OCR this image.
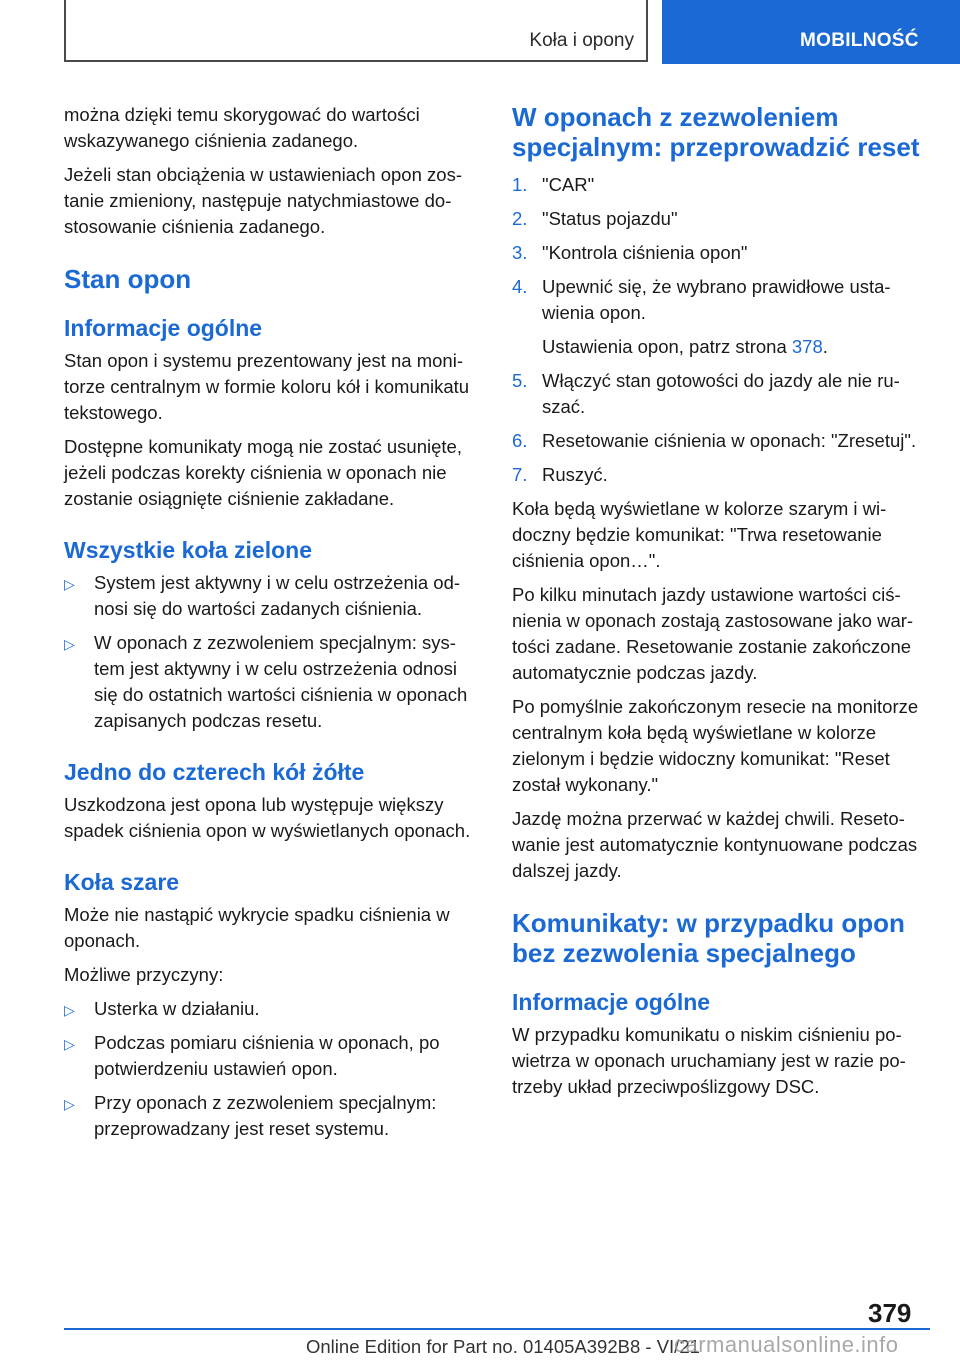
Koła i opony	MOBILNOŚĆ

można dzięki temu skorygować do wartości wskazywanego ciśnienia zadanego.

Jeżeli stan obciążenia w ustawieniach opon zostanie zmieniony, następuje natychmiastowe dostosowanie ciśnienia zadanego.

Stan opon
Informacje ogólne

Stan opon i systemu prezentowany jest na monitorze centralnym w formie koloru kół i komunikatu tekstowego.

Dostępne komunikaty mogą nie zostać usunięte, jeżeli podczas korekty ciśnienia w oponach nie zostanie osiągnięte ciśnienie zakładane.

Wszystkie koła zielone
▷ System jest aktywny i w celu ostrzeżenia odnosi się do wartości zadanych ciśnienia.
▷ W oponach z zezwoleniem specjalnym: system jest aktywny i w celu ostrzeżenia odnosi się do ostatnich wartości ciśnienia w oponach zapisanych podczas resetu.
Jedno do czterech kół żółte

Uszkodzona jest opona lub występuje większy spadek ciśnienia opon w wyświetlanych oponach.

Koła szare

Może nie nastąpić wykrycie spadku ciśnienia w oponach.

Możliwe przyczyny:

▷ Usterka w działaniu.
▷ Podczas pomiaru ciśnienia w oponach, po potwierdzeniu ustawień opon.
▷ Przy oponach z zezwoleniem specjalnym: przeprowadzany jest reset systemu.
W oponach z zezwoleniem specjalnym: przeprowadzić reset
1. "CAR"
2. "Status pojazdu"
3. "Kontrola ciśnienia opon"
4. Upewnić się, że wybrano prawidłowe ustawienia opon.
Ustawienia opon, patrz strona 378.
5. Włączyć stan gotowości do jazdy ale nie ruszać.
6. Resetowanie ciśnienia w oponach: "Zresetuj".
7. Ruszyć.

Koła będą wyświetlane w kolorze szarym i widoczny będzie komunikat: "Trwa resetowanie ciśnienia opon…".

Po kilku minutach jazdy ustawione wartości ciśnienia w oponach zostają zastosowane jako wartości zadane. Resetowanie zostanie zakończone automatycznie podczas jazdy.

Po pomyślnie zakończonym resecie na monitorze centralnym koła będą wyświetlane w kolorze zielonym i będzie widoczny komunikat: "Reset został wykonany."

Jazdę można przerwać w każdej chwili. Resetowanie jest automatycznie kontynuowane podczas dalszej jazdy.

Komunikaty: w przypadku opon bez zezwolenia specjalnego
Informacje ogólne

W przypadku komunikatu o niskim ciśnieniu powietrza w oponach uruchamiany jest w razie potrzeby układ przeciwpoślizgowy DSC.

379
Online Edition for Part no. 01405A392B8 - VI/21
carmanualsonline.info
